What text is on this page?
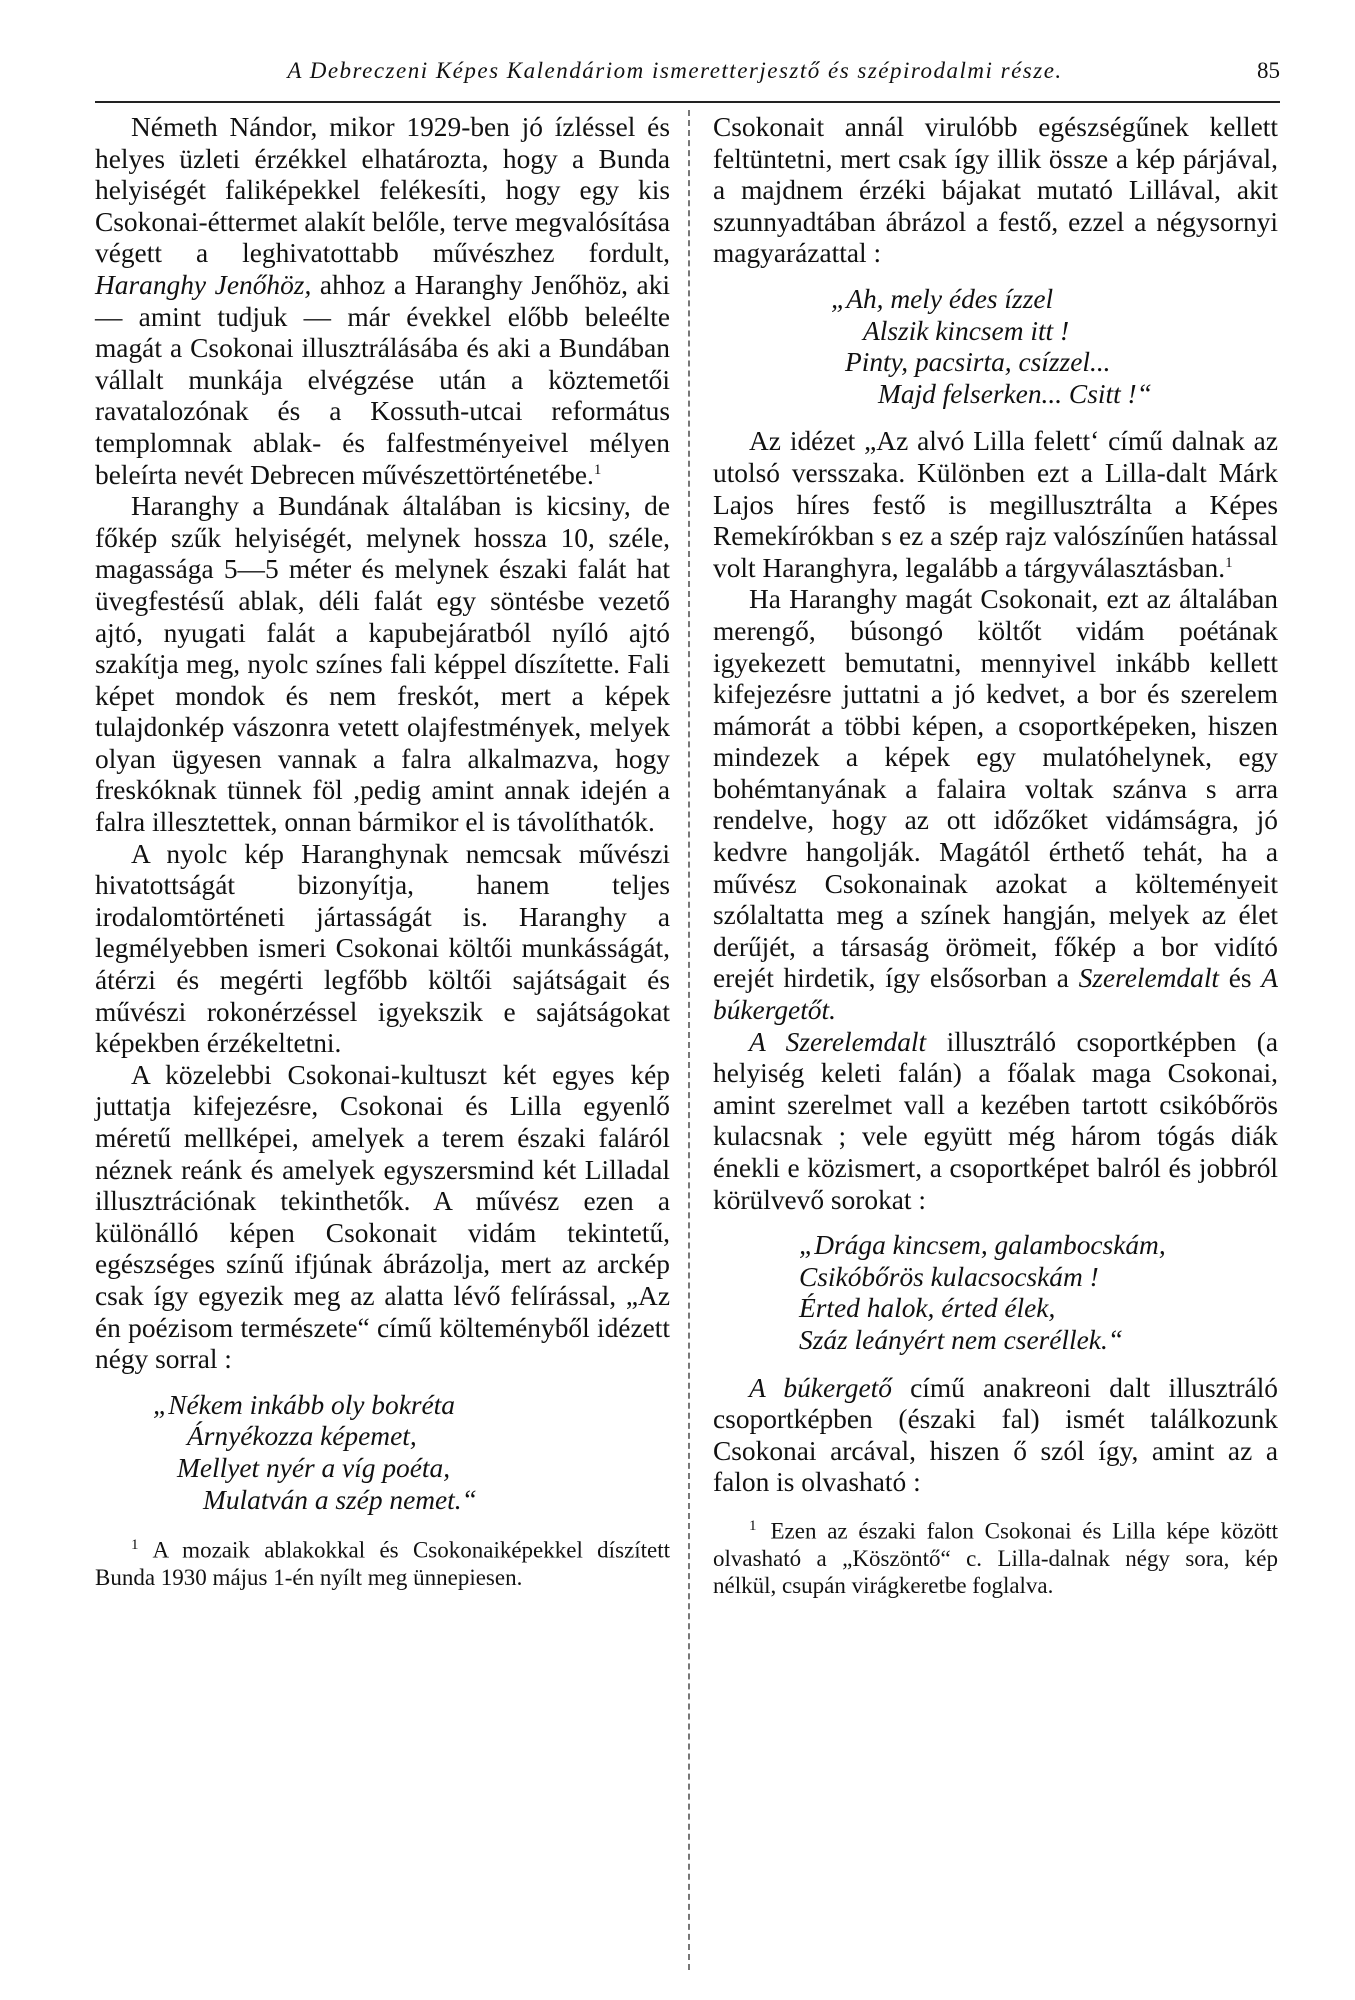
A Debreczeni Képes Kalendáriom ismeretterjesztő és szépirodalmi része.	85

Németh Nándor, mikor 1929-ben jó ízléssel és helyes üzleti érzékkel elhatározta, hogy a Bunda helyiségét faliképekkel felékesíti, hogy egy kis Csokonai-éttermet alakít belőle, terve megvalósítása végett a leghivatottabb művészhez fordult, Haranghy Jenőhöz, ahhoz a Haranghy Jenőhöz, aki — amint tudjuk — már évekkel előbb beleélte magát a Csokonai illusztrálásába és aki a Bundában vállalt munkája elvégzése után a köztemetői ravatalozónak és a Kossuth-utcai református templomnak ablak- és falfestményeivel mélyen beleírta nevét Debrecen művészettörténetébe.$^1$

Haranghy a Bundának általában is kicsiny, de főkép szűk helyiségét, melynek hossza 10, széle, magassága 5—5 méter és melynek északi falát hat üvegfestésű ablak, déli falát egy söntésbe vezető ajtó, nyugati falát a kapubejáratból nyíló ajtó szakítja meg, nyolc színes fali képpel díszítette. Fali képet mondok és nem freskót, mert a képek tulajdonkép vászonra vetett olajfestmények, melyek olyan ügyesen vannak a falra alkalmazva, hogy freskóknak tünnek föl ,pedig amint annak idején a falra illesztettek, onnan bármikor el is távolíthatók.

A nyolc kép Haranghynak nemcsak művészi hivatottságát bizonyítja, hanem teljes irodalomtörténeti jártasságát is. Haranghy a legmélyebben ismeri Csokonai költői munkásságát, átérzi és megérti legfőbb költői sajátságait és művészi rokonérzéssel igyekszik e sajátságokat képekben érzékeltetni.

A közelebbi Csokonai-kultuszt két egyes kép juttatja kifejezésre, Csokonai és Lilla egyenlő méretű mellképei, amelyek a terem északi faláról néznek reánk és amelyek egyszersmind két Lilladal illusztrációnak tekinthetők. A művész ezen a különálló képen Csokonait vidám tekintetű, egészséges színű ifjúnak ábrázolja, mert az arckép csak így egyezik meg az alatta lévő felírással, „Az én poézisom természete“ című költeményből idézett négy sorral :

„Nékem inkább oly bokréta
Árnyékozza képemet,
Mellyet nyér a víg poéta,
Mulatván a szép nemet.“
$^1$ A mozaik ablakokkal és Csokonaiképekkel díszített Bunda 1930 május 1-én nyílt meg ünnepiesen.

Csokonait annál virulóbb egészségűnek kellett feltüntetni, mert csak így illik össze a kép párjával, a majdnem érzéki bájakat mutató Lillával, akit szunnyadtában ábrázol a festő, ezzel a négysornyi magyarázattal :

„Ah, mely édes ízzel
Alszik kincsem itt !
Pinty, pacsirta, csízzel...
Majd felserken... Csitt !“

Az idézet „Az alvó Lilla felett‘ című dalnak az utolsó versszaka. Különben ezt a Lilla-dalt Márk Lajos híres festő is megillusztrálta a Képes Remekírókban s ez a szép rajz valószínűen hatással volt Haranghyra, legalább a tárgyválasztásban.$^1$

Ha Haranghy magát Csokonait, ezt az általában merengő, búsongó költőt vidám poétának igyekezett bemutatni, mennyivel inkább kellett kifejezésre juttatni a jó kedvet, a bor és szerelem mámorát a többi képen, a csoportképeken, hiszen mindezek a képek egy mulatóhelynek, egy bohémtanyának a falaira voltak szánva s arra rendelve, hogy az ott időzőket vidámságra, jó kedvre hangolják. Magától érthető tehát, ha a művész Csokonainak azokat a költeményeit szólaltatta meg a színek hangján, melyek az élet derűjét, a társaság örömeit, főkép a bor vidító erejét hirdetik, így elsősorban a Szerelemdalt és A búkergetőt.

A Szerelemdalt illusztráló csoportképben (a helyiség keleti falán) a főalak maga Csokonai, amint szerelmet vall a kezében tartott csikóbőrös kulacsnak ; vele együtt még három tógás diák énekli e közismert, a csoportképet balról és jobbról körülvevő sorokat :

„Drága kincsem, galambocskám,
Csikóbőrös kulacsocskám !
Érted halok, érted élek,
Száz leányért nem cseréllek.“

A búkergető című anakreoni dalt illusztráló csoportképben (északi fal) ismét találkozunk Csokonai arcával, hiszen ő szól így, amint az a falon is olvasható :

$^1$ Ezen az északi falon Csokonai és Lilla képe között olvasható a „Köszöntő“ c. Lilla-dalnak négy sora, kép nélkül, csupán virágkeretbe foglalva.
